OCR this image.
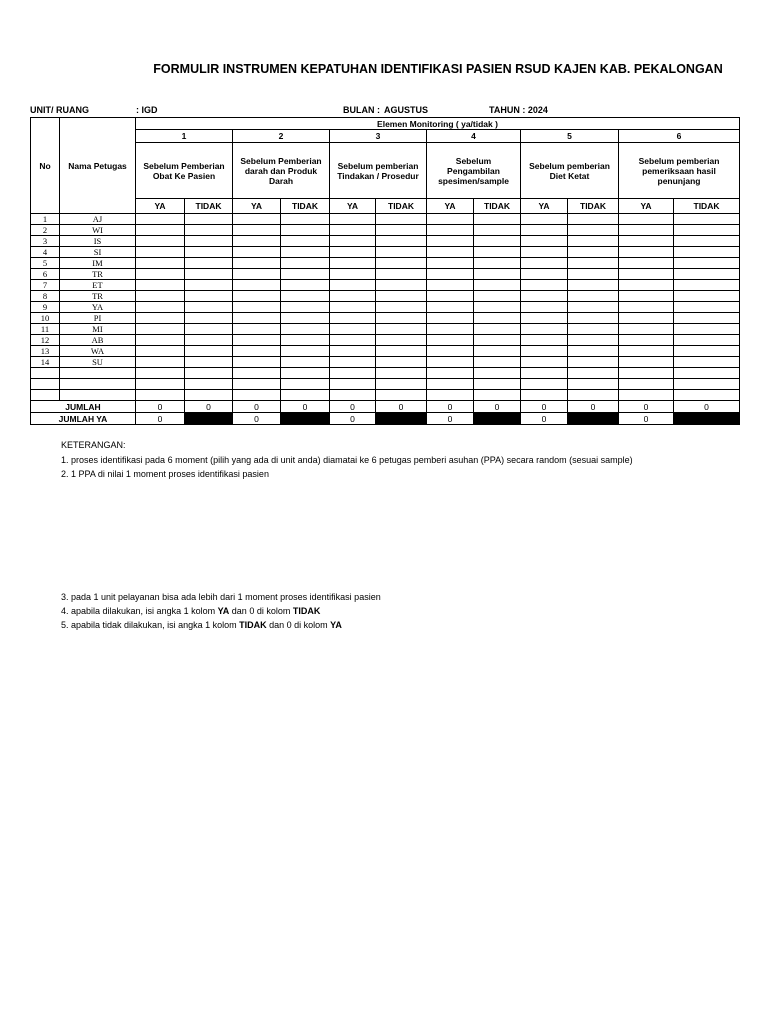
FORMULIR INSTRUMEN KEPATUHAN IDENTIFIKASI PASIEN RSUD KAJEN KAB. PEKALONGAN
UNIT/ RUANG	: IGD	BULAN : AGUSTUS	TAHUN : 2024
No	Nama Petugas	Elemen Monitoring ( ya/tidak )											
		1		2		3		4		5		6	
		Sebelum Pemberian Obat Ke Pasien		Sebelum Pemberian darah dan Produk Darah		Sebelum pemberian Tindakan / Prosedur		Sebelum Pengambilan spesimen/sample		Sebelum pemberian Diet Ketat		Sebelum pemberian pemeriksaan hasil penunjang	
		YA	TIDAK	YA	TIDAK	YA	TIDAK	YA	TIDAK	YA	TIDAK	YA	TIDAK
1	AJ												
2	WI												
3	IS												
4	SI												
5	IM												
6	TR												
7	ET												
8	TR												
9	YA												
10	PI												
11	MI												
12	AB												
13	WA												
14	SU												

JUMLAH		0	0	0	0	0	0	0	0	0	0	0	0
JUMLAH YA		0		0		0		0		0		0	
KETERANGAN:
1. proses identifikasi pada 6 moment (pilih yang ada di unit anda) diamatai ke 6 petugas pemberi asuhan (PPA) secara random (sesuai sample)
2. 1 PPA di nilai 1 moment proses identifikasi pasien
3. pada 1 unit pelayanan bisa ada lebih dari 1 moment proses identifikasi pasien
4. apabila dilakukan, isi angka 1 kolom YA dan 0 di kolom TIDAK
5. apabila tidak dilakukan, isi angka 1 kolom TIDAK dan 0 di kolom YA
